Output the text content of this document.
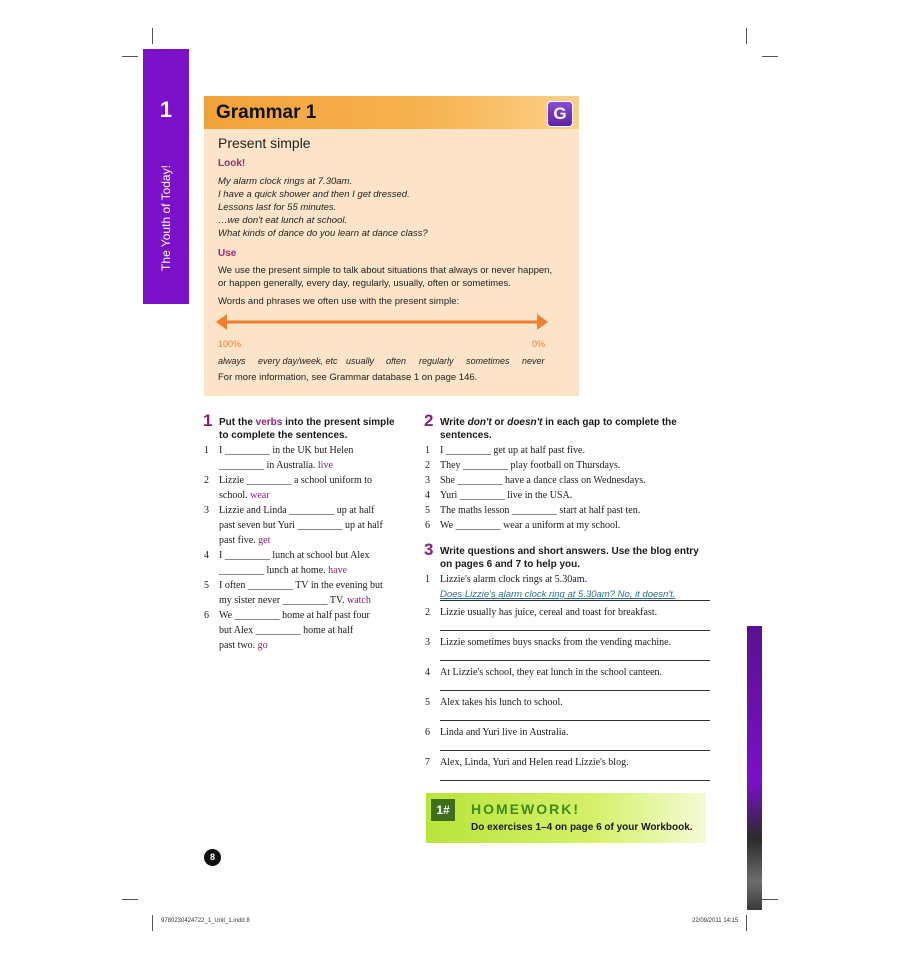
1
The Youth of Today!
Grammar 1	G
Present simple
Look!
My alarm clock rings at 7.30am.
I have a quick shower and then I get dressed.
Lessons last for 55 minutes.
…we don't eat lunch at school.
What kinds of dance do you learn at dance class?
Use
We use the present simple to talk about situations that always or never happen,
or happen generally, every day, regularly, usually, often or sometimes.
Words and phrases we often use with the present simple:
100%	0%
always every day/week, etc usually often regularly sometimes never
For more information, see Grammar database 1 on page 146.
1 Put the verbs into the present simple
to complete the sentences.
1 I _________ in the UK but Helen
_________ in Australia. live
2 Lizzie _________ a school uniform to
school. wear
3 Lizzie and Linda _________ up at half
past seven but Yuri _________ up at half
past five. get
4 I _________ lunch at school but Alex
_________ lunch at home. have
5 I often _________ TV in the evening but
my sister never _________ TV. watch
6 We _________ home at half past four
but Alex _________ home at half
past two. go
2 Write don't or doesn't in each gap to complete the
sentences.
1 I _________ get up at half past five.
2 They _________ play football on Thursdays.
3 She _________ have a dance class on Wednesdays.
4 Yuri _________ live in the USA.
5 The maths lesson _________ start at half past ten.
6 We _________ wear a uniform at my school.
3 Write questions and short answers. Use the blog entry
on pages 6 and 7 to help you.
1 Lizzie's alarm clock rings at 5.30am.
Does Lizzie's alarm clock ring at 5.30am? No, it doesn't.
2 Lizzie usually has juice, cereal and toast for breakfast.
3 Lizzie sometimes buys snacks from the vending machine.
4 At Lizzie's school, they eat lunch in the school canteen.
5 Alex takes his lunch to school.
6 Linda and Yuri live in Australia.
7 Alex, Linda, Yuri and Helen read Lizzie's blog.
1#	HOMEWORK!
Do exercises 1–4 on page 6 of your Workbook.
8
9780230424722_1_Unit_1.indd 8	22/09/2011 14:15
